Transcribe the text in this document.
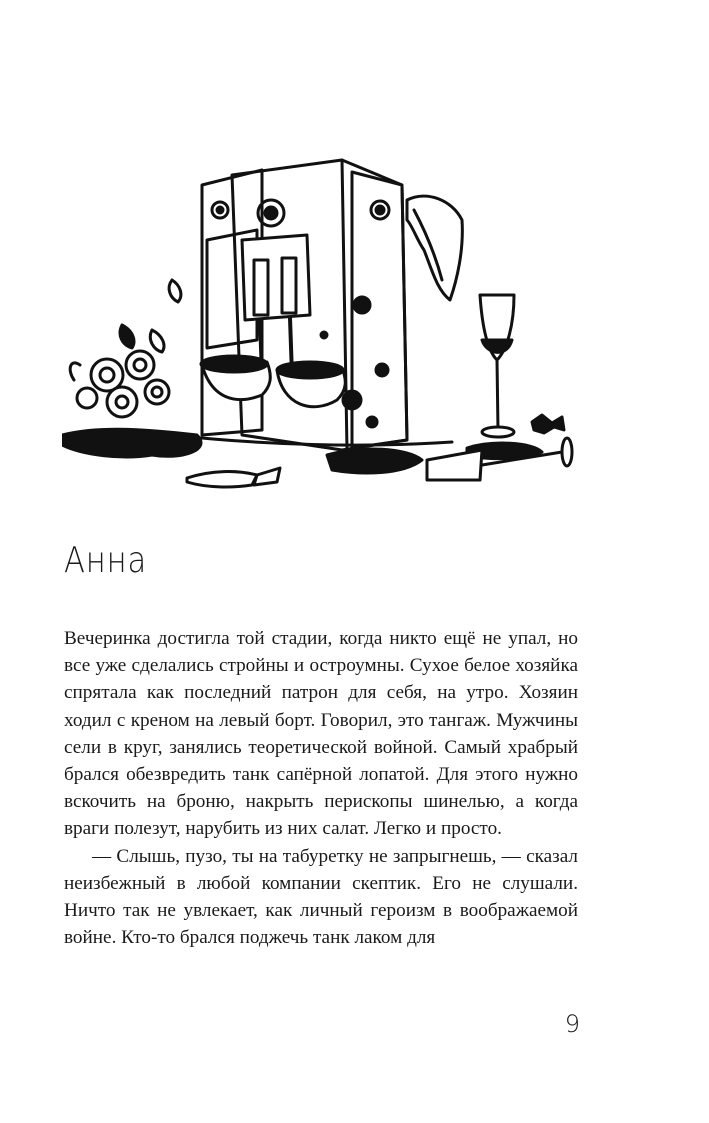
Анна

Вечеринка достигла той стадии, когда никто ещё не упал, но все уже сделались стройны и остроумны. Сухое белое хозяйка спрятала как последний патрон для себя, на утро. Хозяин ходил с креном на левый борт. Говорил, это тангаж. Мужчины сели в круг, занялись теоретической войной. Самый храбрый брался обезвредить танк сапёрной лопатой. Для этого нужно вскочить на броню, накрыть перископы шинелью, а когда враги полезут, нарубить из них салат. Легко и просто.

— Слышь, пузо, ты на табуретку не запрыгнешь, — сказал неизбежный в любой компании скептик. Его не слушали. Ничто так не увлекает, как личный героизм в воображаемой войне. Кто-то брался поджечь танк лаком для

9
